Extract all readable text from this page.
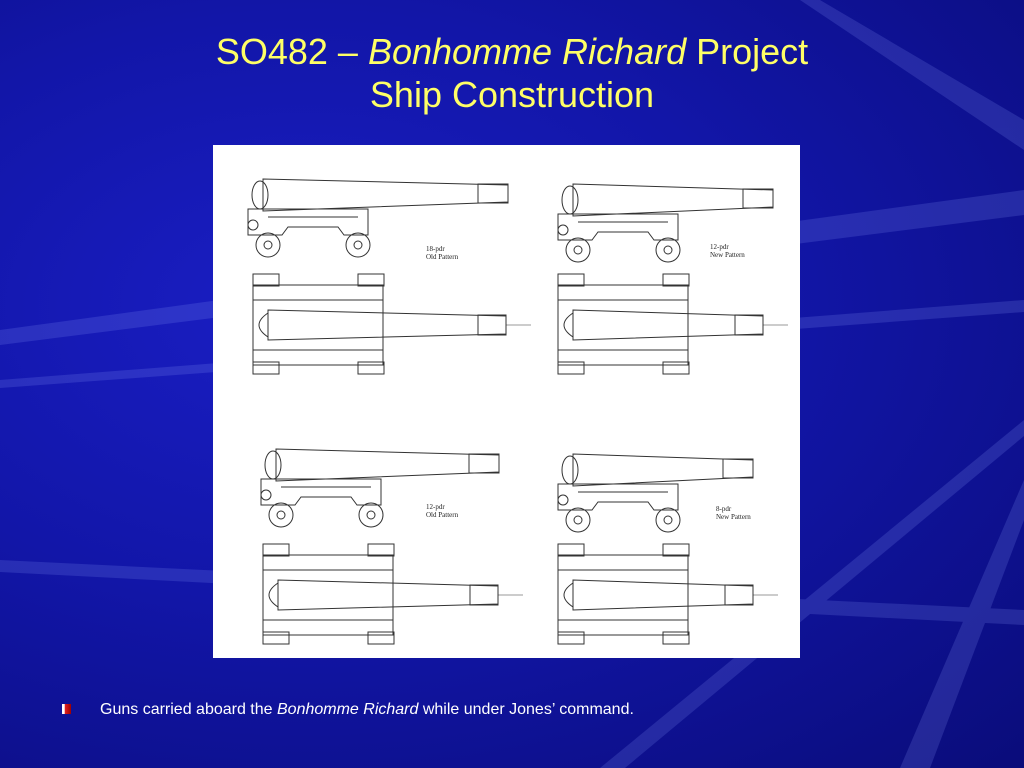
SO482 – Bonhomme Richard Project
Ship Construction
18-pdr
Old Pattern
12-pdr
New Pattern
12-pdr
Old Pattern
8-pdr
New Pattern
Guns carried aboard the Bonhomme Richard while under Jones’ command.
